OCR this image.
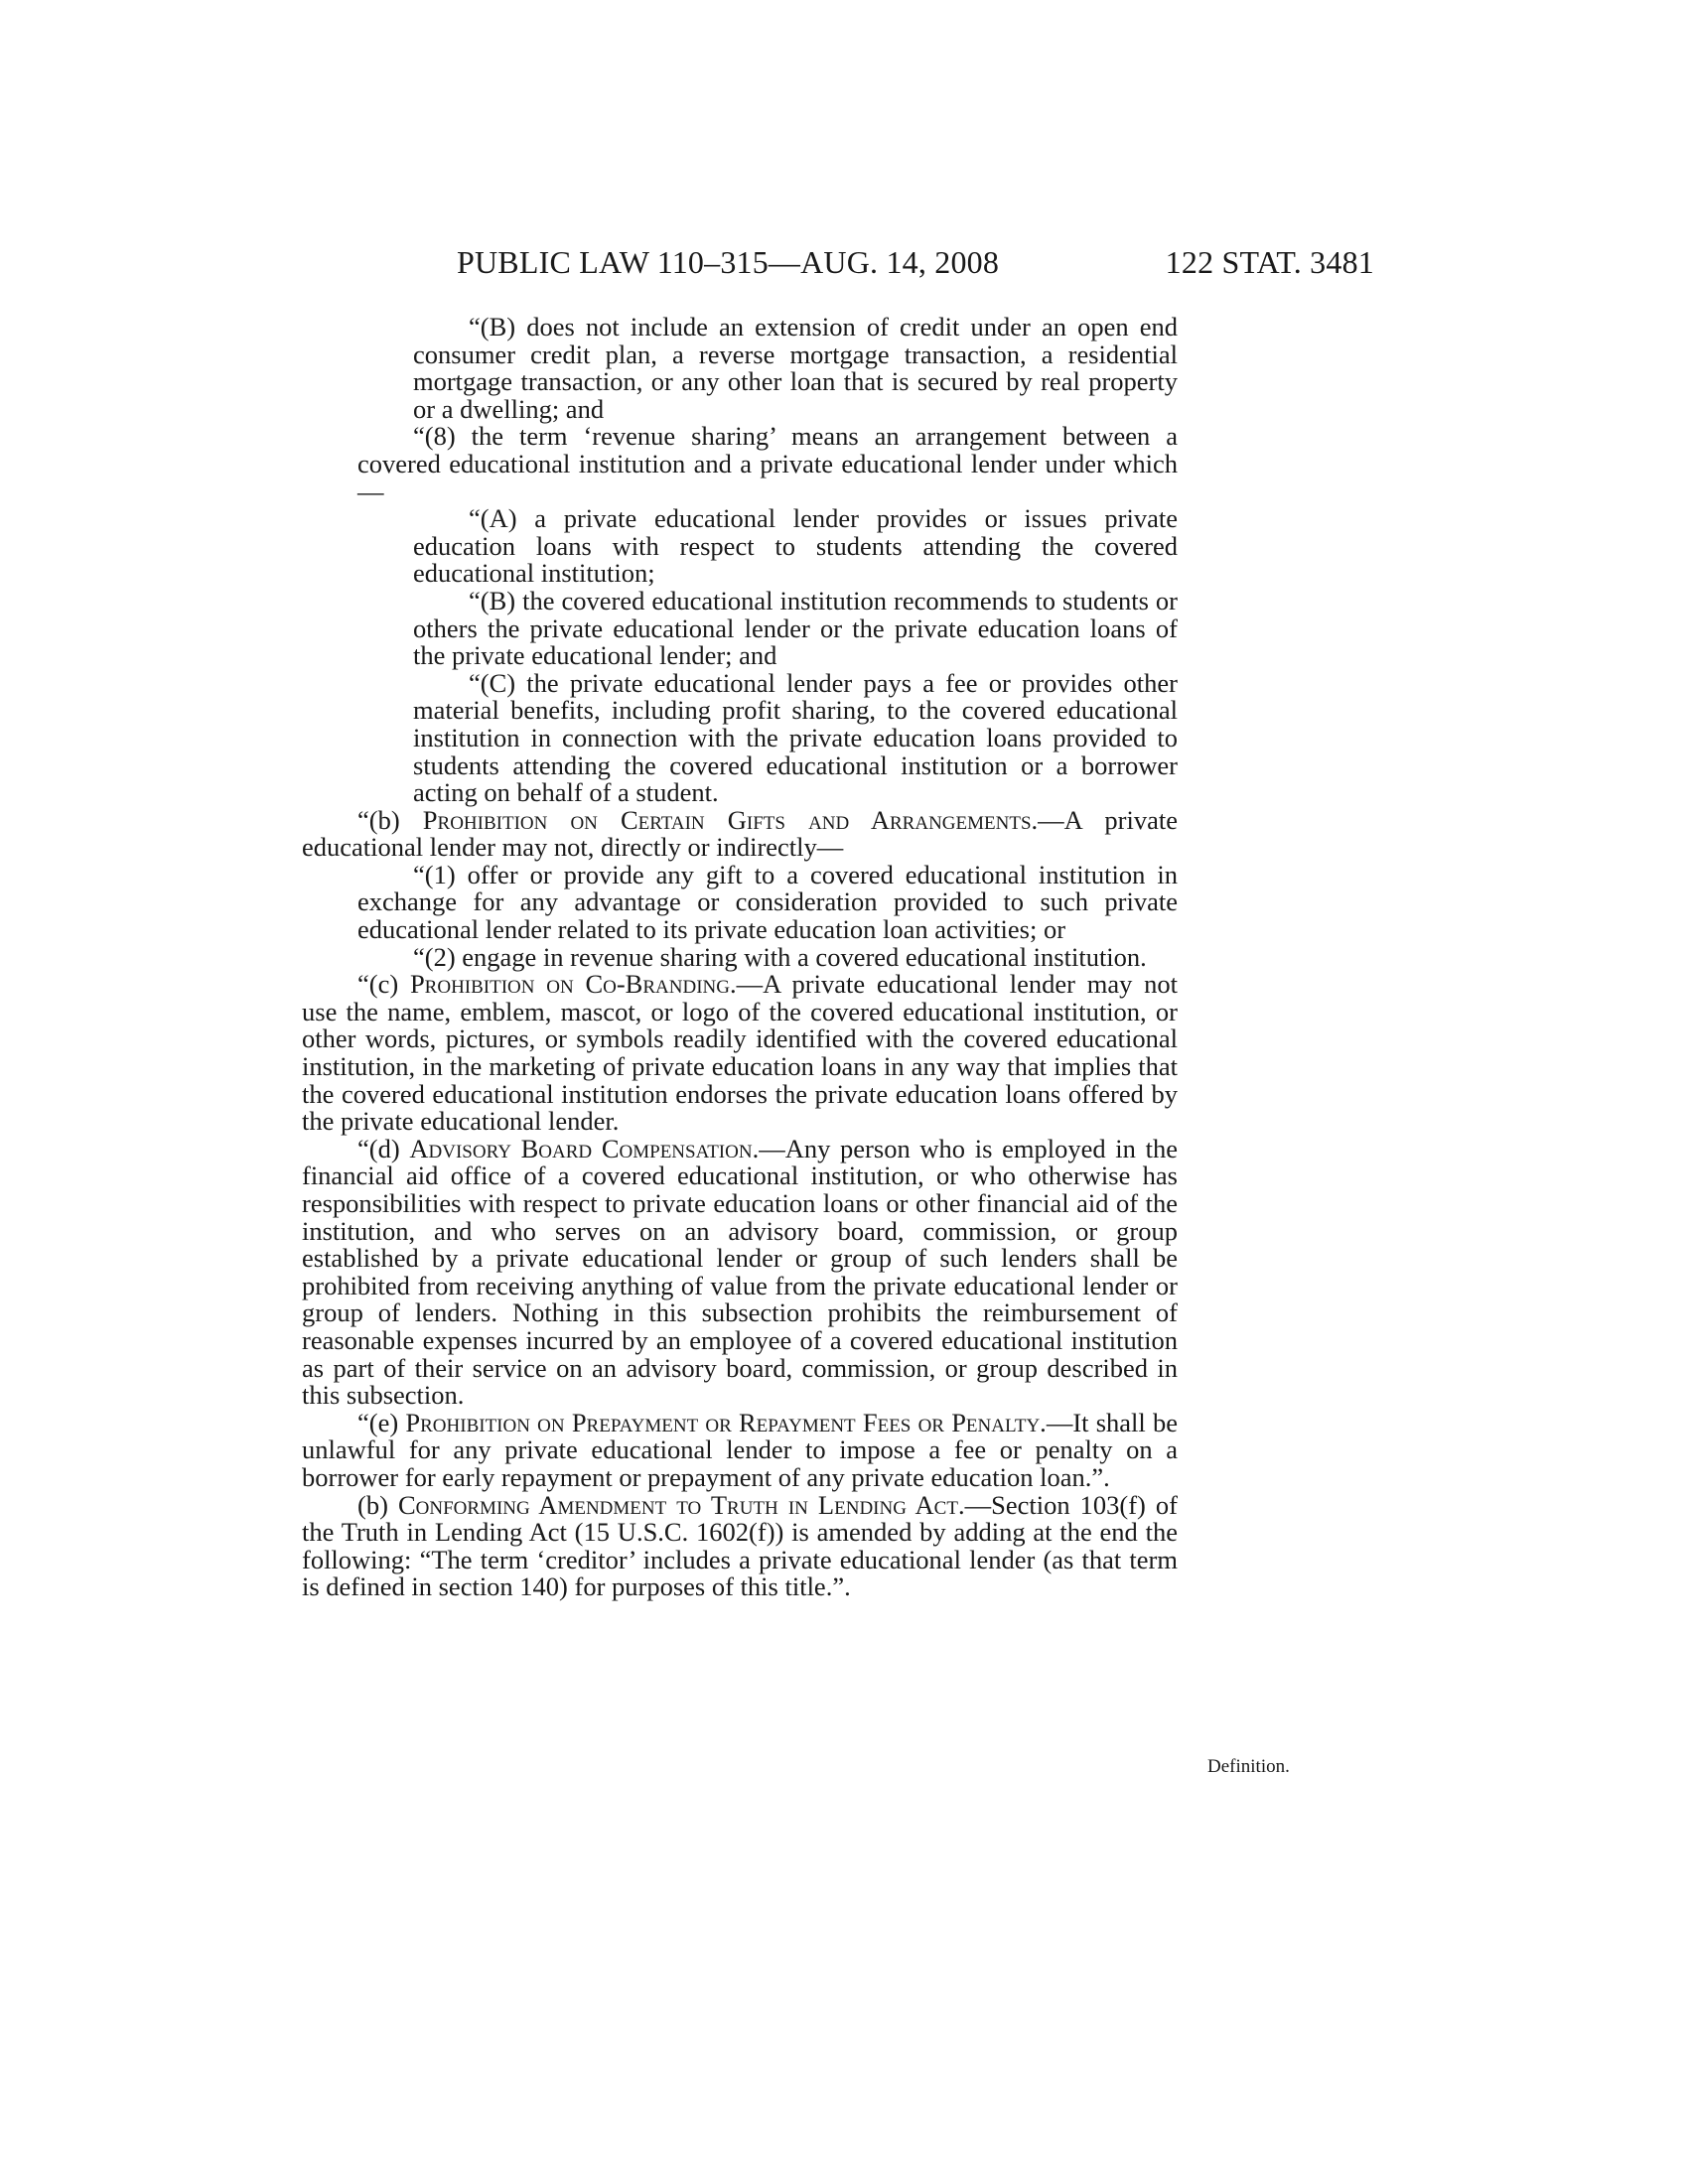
PUBLIC LAW 110–315—AUG. 14, 2008	122 STAT. 3481

“(B) does not include an extension of credit under an open end consumer credit plan, a reverse mortgage transaction, a residential mortgage transaction, or any other loan that is secured by real property or a dwelling; and

“(8) the term ‘revenue sharing’ means an arrangement between a covered educational institution and a private educational lender under which—

“(A) a private educational lender provides or issues private education loans with respect to students attending the covered educational institution;

“(B) the covered educational institution recommends to students or others the private educational lender or the private education loans of the private educational lender; and

“(C) the private educational lender pays a fee or provides other material benefits, including profit sharing, to the covered educational institution in connection with the private education loans provided to students attending the covered educational institution or a borrower acting on behalf of a student.

“(b) Prohibition on Certain Gifts and Arrangements.—A private educational lender may not, directly or indirectly—

“(1) offer or provide any gift to a covered educational institution in exchange for any advantage or consideration provided to such private educational lender related to its private education loan activities; or

“(2) engage in revenue sharing with a covered educational institution.

“(c) Prohibition on Co-Branding.—A private educational lender may not use the name, emblem, mascot, or logo of the covered educational institution, or other words, pictures, or symbols readily identified with the covered educational institution, in the marketing of private education loans in any way that implies that the covered educational institution endorses the private education loans offered by the private educational lender.

“(d) Advisory Board Compensation.—Any person who is employed in the financial aid office of a covered educational institution, or who otherwise has responsibilities with respect to private education loans or other financial aid of the institution, and who serves on an advisory board, commission, or group established by a private educational lender or group of such lenders shall be prohibited from receiving anything of value from the private educational lender or group of lenders. Nothing in this subsection prohibits the reimbursement of reasonable expenses incurred by an employee of a covered educational institution as part of their service on an advisory board, commission, or group described in this subsection.

“(e) Prohibition on Prepayment or Repayment Fees or Penalty.—It shall be unlawful for any private educational lender to impose a fee or penalty on a borrower for early repayment or prepayment of any private education loan.”.

(b) Conforming Amendment to Truth in Lending Act.—Section 103(f) of the Truth in Lending Act (15 U.S.C. 1602(f)) is amended by adding at the end the following: “The term ‘creditor’ includes a private educational lender (as that term is defined in section 140) for purposes of this title.”.

Definition.
